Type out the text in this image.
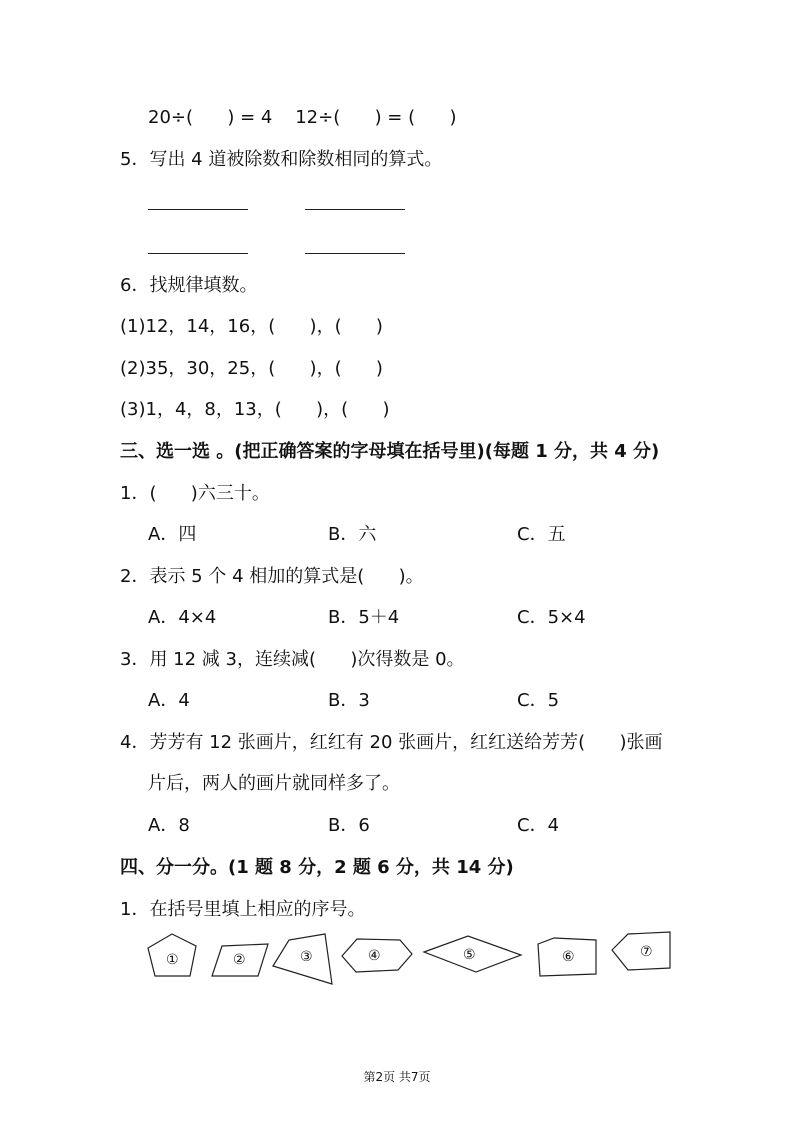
20÷(      ) = 4    12÷(      ) = (      )
5．写出 4 道被除数和除数相同的算式。
6．找规律填数。
(1)12，14，16，(      )，(      )
(2)35，30，25，(      )，(      )
(3)1，4，8，13，(      )，(      )
三、选一选 。(把正确答案的字母填在括号里)(每题 1 分，共 4 分)
1．(      )六三十。
A．四	B．六	C．五
2．表示 5 个 4 相加的算式是(      )。
A．4×4	B．5＋4	C．5×4
3．用 12 减 3，连续减(      )次得数是 0。
A．4	B．3	C．5
4．芳芳有 12 张画片，红红有 20 张画片，红红送给芳芳(      )张画
片后，两人的画片就同样多了。
A．8	B．6	C．4
四、分一分。(1 题 8 分，2 题 6 分，共 14 分)
1．在括号里填上相应的序号。
①	②	③	④	⑤	⑥	⑦
第2页 共7页
